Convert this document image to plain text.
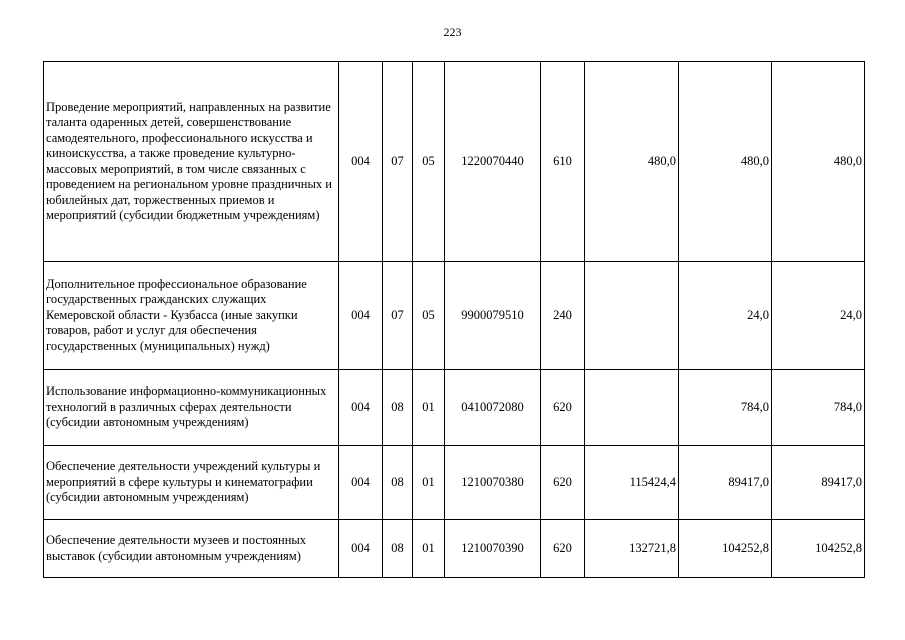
223
Проведение мероприятий, направленных на развитие таланта одаренных детей, совершенствование самодеятельного, профессионального искусства и киноискусства, а также проведение культурно-массовых мероприятий, в том числе связанных с проведением на региональном уровне праздничных и юбилейных дат, торжественных приемов и мероприятий (субсидии бюджетным учреждениям)	004	07	05	1220070440	610	480,0	480,0	480,0
Дополнительное профессиональное образование государственных гражданских служащих Кемеровской области - Кузбасса (иные закупки товаров, работ и услуг для обеспечения государственных (муниципальных) нужд)	004	07	05	9900079510	240		24,0	24,0
Использование информационно-коммуникационных технологий в различных сферах деятельности (субсидии автономным учреждениям)	004	08	01	0410072080	620		784,0	784,0
Обеспечение деятельности учреждений культуры и мероприятий в сфере культуры и кинематографии (субсидии автономным учреждениям)	004	08	01	1210070380	620	115424,4	89417,0	89417,0
Обеспечение деятельности музеев и постоянных выставок (субсидии автономным учреждениям)	004	08	01	1210070390	620	132721,8	104252,8	104252,8
